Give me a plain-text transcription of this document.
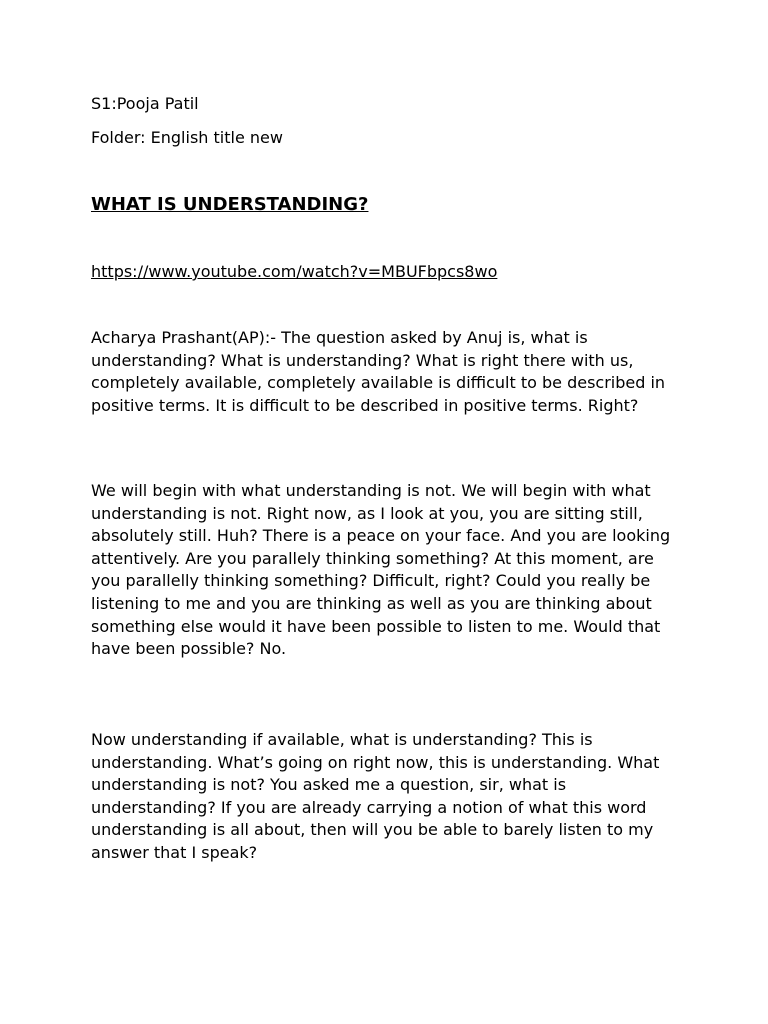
S1:Pooja Patil

Folder: English title new

WHAT IS UNDERSTANDING?
https://www.youtube.com/watch?v=MBUFbpcs8wo

Acharya Prashant(AP):- The question asked by Anuj is, what is understanding? What is understanding? What is right there with us, completely available, completely available is difficult to be described in positive terms. It is difficult to be described in positive terms. Right?

We will begin with what understanding is not. We will begin with what understanding is not. Right now, as I look at you, you are sitting still, absolutely still. Huh? There is a peace on your face. And you are looking attentively. Are you parallely thinking something? At this moment, are you parallelly thinking something? Difficult, right? Could you really be listening to me and you are thinking as well as you are thinking about something else would it have been possible to listen to me. Would that have been possible? No.

Now understanding if available, what is understanding? This is understanding. What’s going on right now, this is understanding. What understanding is not? You asked me a question, sir, what is understanding? If you are already carrying a notion of what this word understanding is all about, then will you be able to barely listen to my answer that I speak?
